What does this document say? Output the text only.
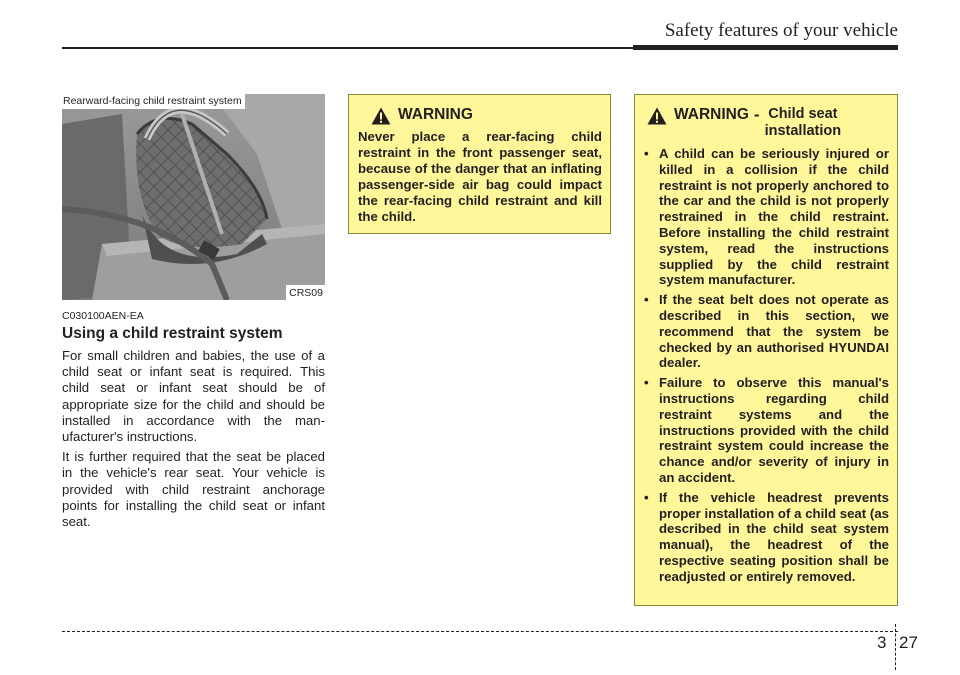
Safety features of your vehicle
Rearward-facing child restraint system
CRS09
C030100AEN-EA
Using a child restraint system

For small children and babies, the use of a child seat or infant seat is required. This child seat or infant seat should be of appropriate size for the child and should be installed in accordance with the man-ufacturer's instructions.

It is further required that the seat be placed in the vehicle's rear seat. Your vehicle is provided with child restraint anchorage points for installing the child seat or infant seat.

WARNING
Never place a rear-facing child restraint in the front passenger seat, because of the danger that an inflating passenger-side air bag could impact the rear-facing child restraint and kill the child.
WARNING - Child seat
installation
• A child can be seriously injured or killed in a collision if the child restraint is not properly anchored to the car and the child is not properly restrained in the child restraint. Before installing the child restraint system, read the instructions supplied by the child restraint system manufacturer.
• If the seat belt does not operate as described in this section, we recommend that the system be checked by an authorised HYUNDAI dealer.
• Failure to observe this manual's instructions regarding child restraint systems and the instructions provided with the child restraint system could increase the chance and/or severity of injury in an accident.
• If the vehicle headrest prevents proper installation of a child seat (as described in the child seat system manual), the headrest of the respective seating position shall be readjusted or entirely removed.
3 27
